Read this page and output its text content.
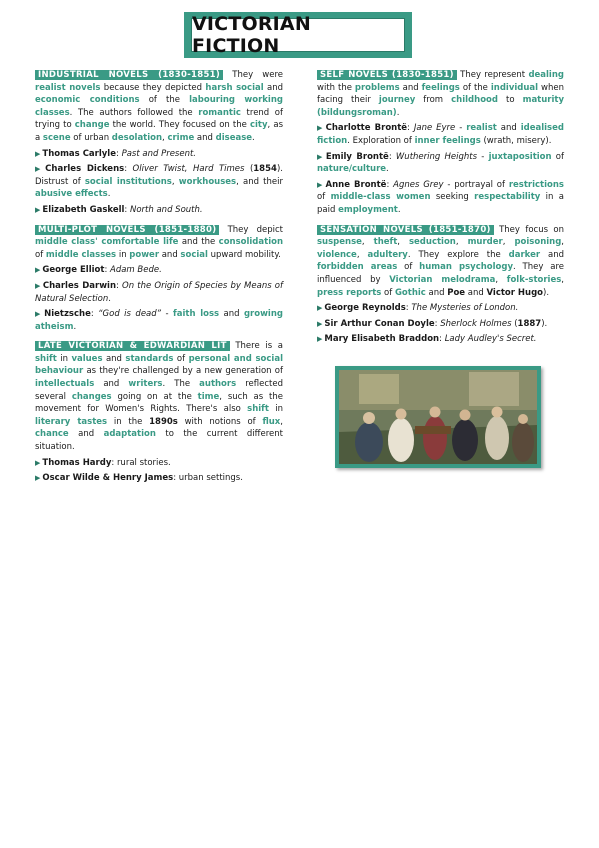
VICTORIAN FICTION

INDUSTRIAL NOVELS (1830-1851) They were realist novels because they depicted harsh social and economic conditions of the labouring working classes. The authors followed the romantic trend of trying to change the world. They focused on the city, as a scene of urban desolation, crime and disease.

▶ Thomas Carlyle: Past and Present.

▶ Charles Dickens: Oliver Twist, Hard Times (1854). Distrust of social institutions, workhouses, and their abusive effects.

▶ Elizabeth Gaskell: North and South.

MULTI-PLOT NOVELS (1851-1880) They depict middle class' comfortable life and the consolidation of middle classes in power and social upward mobility.

▶ George Elliot: Adam Bede.

▶ Charles Darwin: On the Origin of Species by Means of Natural Selection.

▶ Nietzsche: “God is dead” - faith loss and growing atheism.

LATE VICTORIAN & EDWARDIAN LIT There is a shift in values and standards of personal and social behaviour as they're challenged by a new generation of intellectuals and writers. The authors reflected several changes going on at the time, such as the movement for Women's Rights. There's also shift in literary tastes in the 1890s with notions of flux, chance and adaptation to the current different situation.

▶ Thomas Hardy: rural stories.

▶ Oscar Wilde & Henry James: urban settings.

SELF NOVELS (1830-1851) They represent dealing with the problems and feelings of the individual when facing their journey from childhood to maturity (bildungsroman).

▶ Charlotte Brontë: Jane Eyre - realist and idealised fiction. Exploration of inner feelings (wrath, misery).

▶ Emily Brontë: Wuthering Heights - juxtaposition of nature/culture.

▶ Anne Brontë: Agnes Grey - portrayal of restrictions of middle-class women seeking respectability in a paid employment.

SENSATION NOVELS (1851-1870) They focus on suspense, theft, seduction, murder, poisoning, violence, adultery. They explore the darker and forbidden areas of human psychology. They are influenced by Victorian melodrama, folk-stories, press reports of Gothic and Poe and Victor Hugo).

▶ George Reynolds: The Mysteries of London.

▶ Sir Arthur Conan Doyle: Sherlock Holmes (1887).

▶ Mary Elisabeth Braddon: Lady Audley's Secret.
